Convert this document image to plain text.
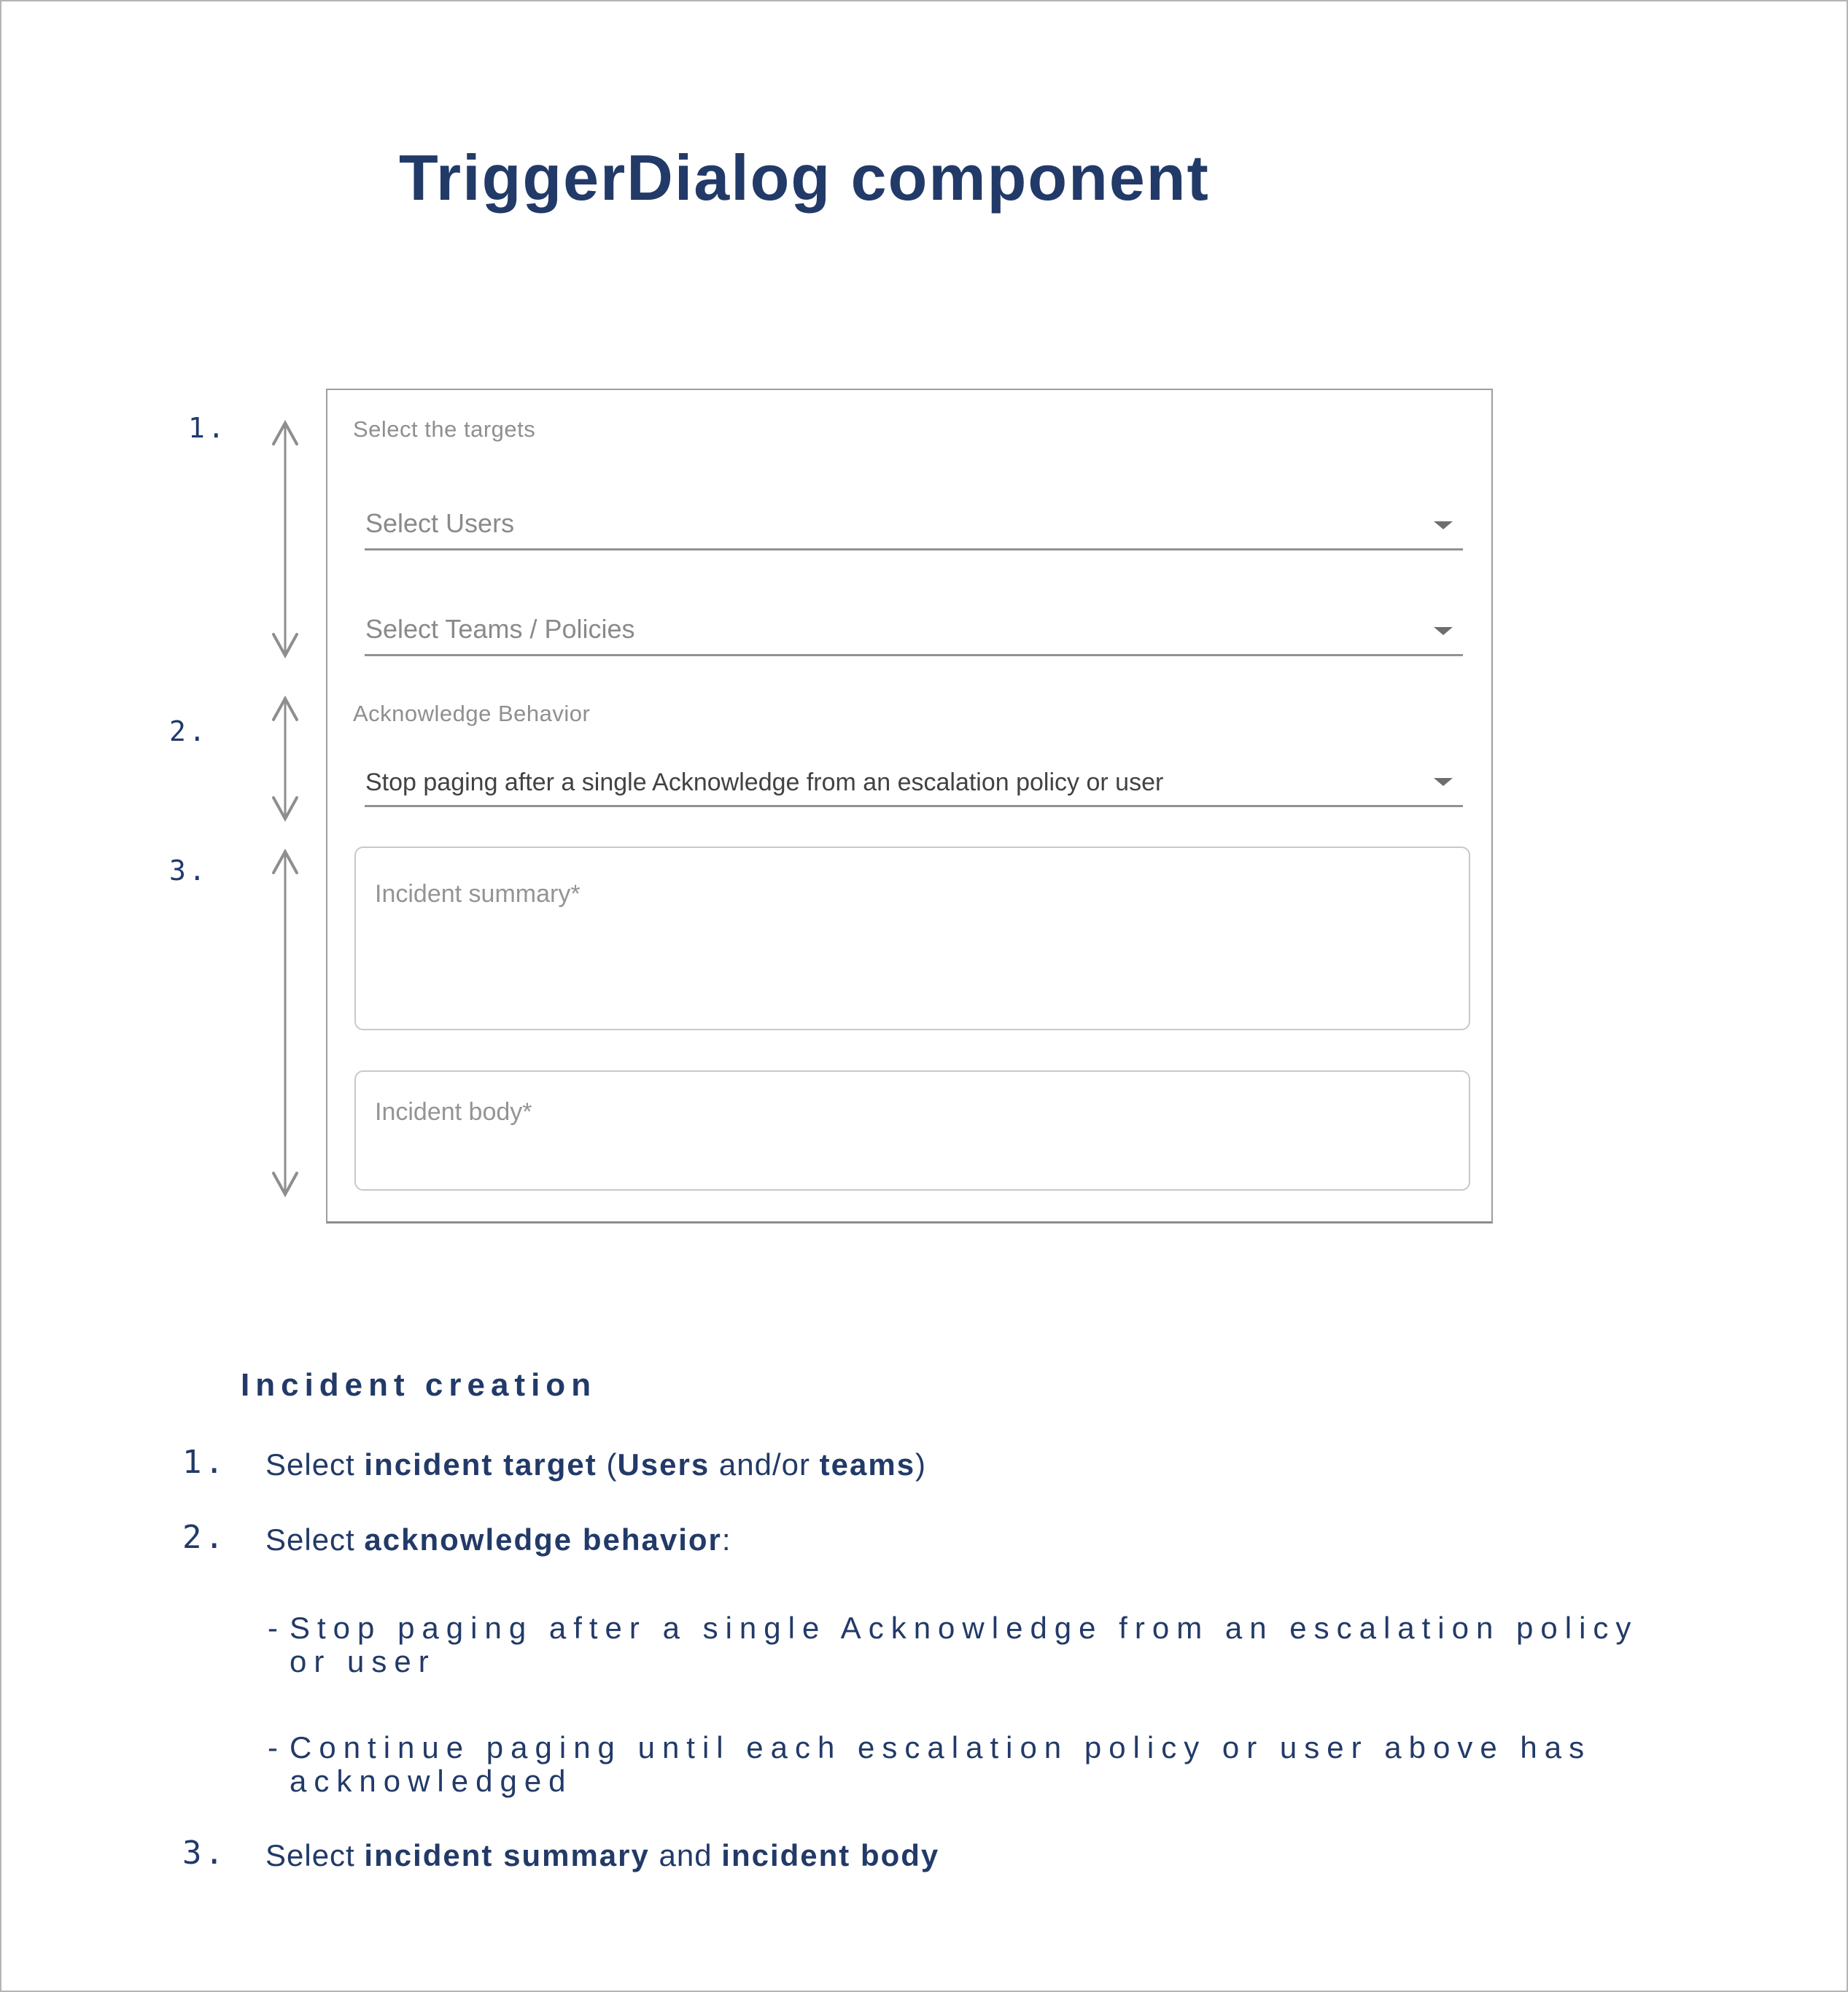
TriggerDialog component
1.
2.
3.
Select the targets
Select Users
Select Teams / Policies
Acknowledge Behavior
Stop paging after a single Acknowledge from an escalation policy or user
Incident summary*
Incident body*
Incident creation
1.	Select incident target (Users and/or teams)
2.	Select acknowledge behavior:
- Stop paging after a single Acknowledge from an escalation policy
or user
- Continue paging until each escalation policy or user above has
acknowledged
3.	Select incident summary and incident body
